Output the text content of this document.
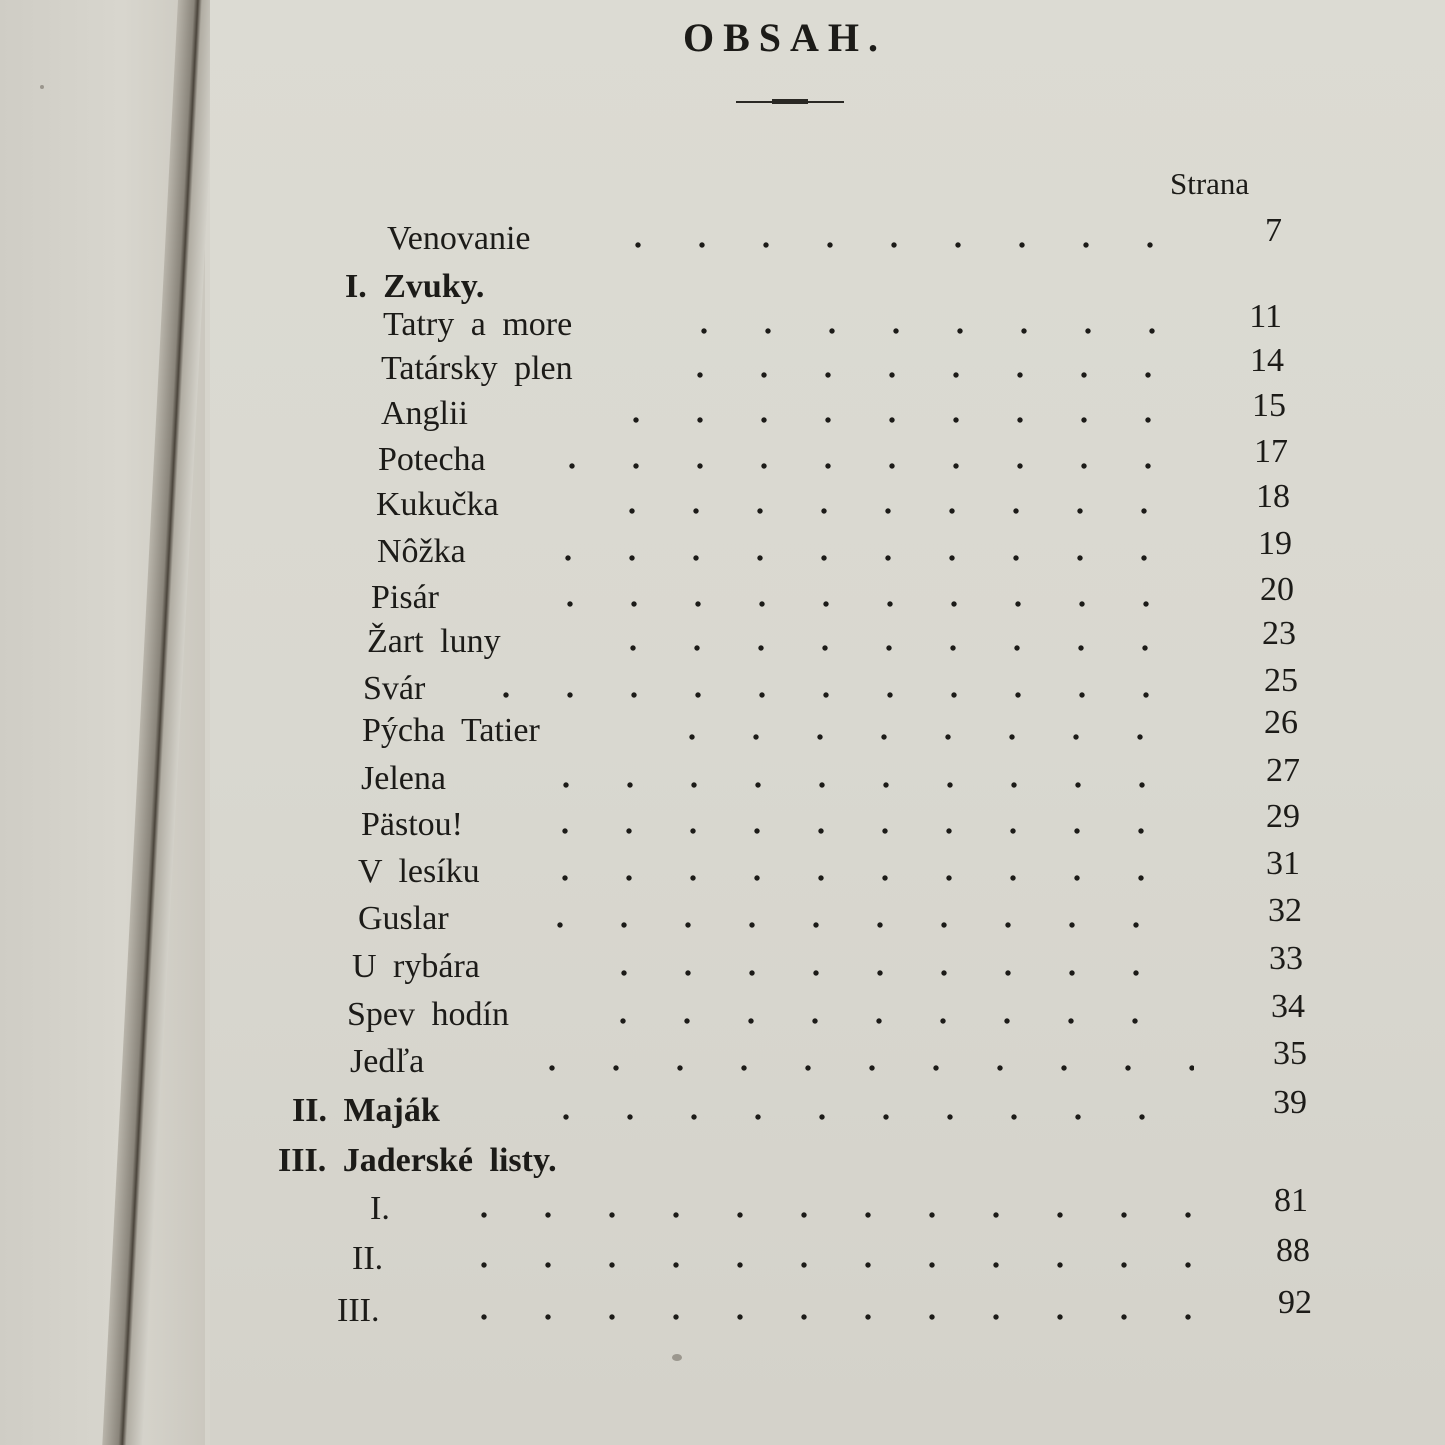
OBSAH.
Strana
Venovanie	7
I. Zvuky.
Tatry a more	11
Tatársky plen	14
Anglii	15
Potecha	17
Kukučka	18
Nôžka	19
Pisár	20
Žart luny	23
Svár	25
Pýcha Tatier	26
Jelena	27
Pästou!	29
V lesíku	31
Guslar	32
U rybára	33
Spev hodín	34
Jedľa	35
II. Maják	39
III. Jaderské listy.
I.	81
II.	88
III.	92
